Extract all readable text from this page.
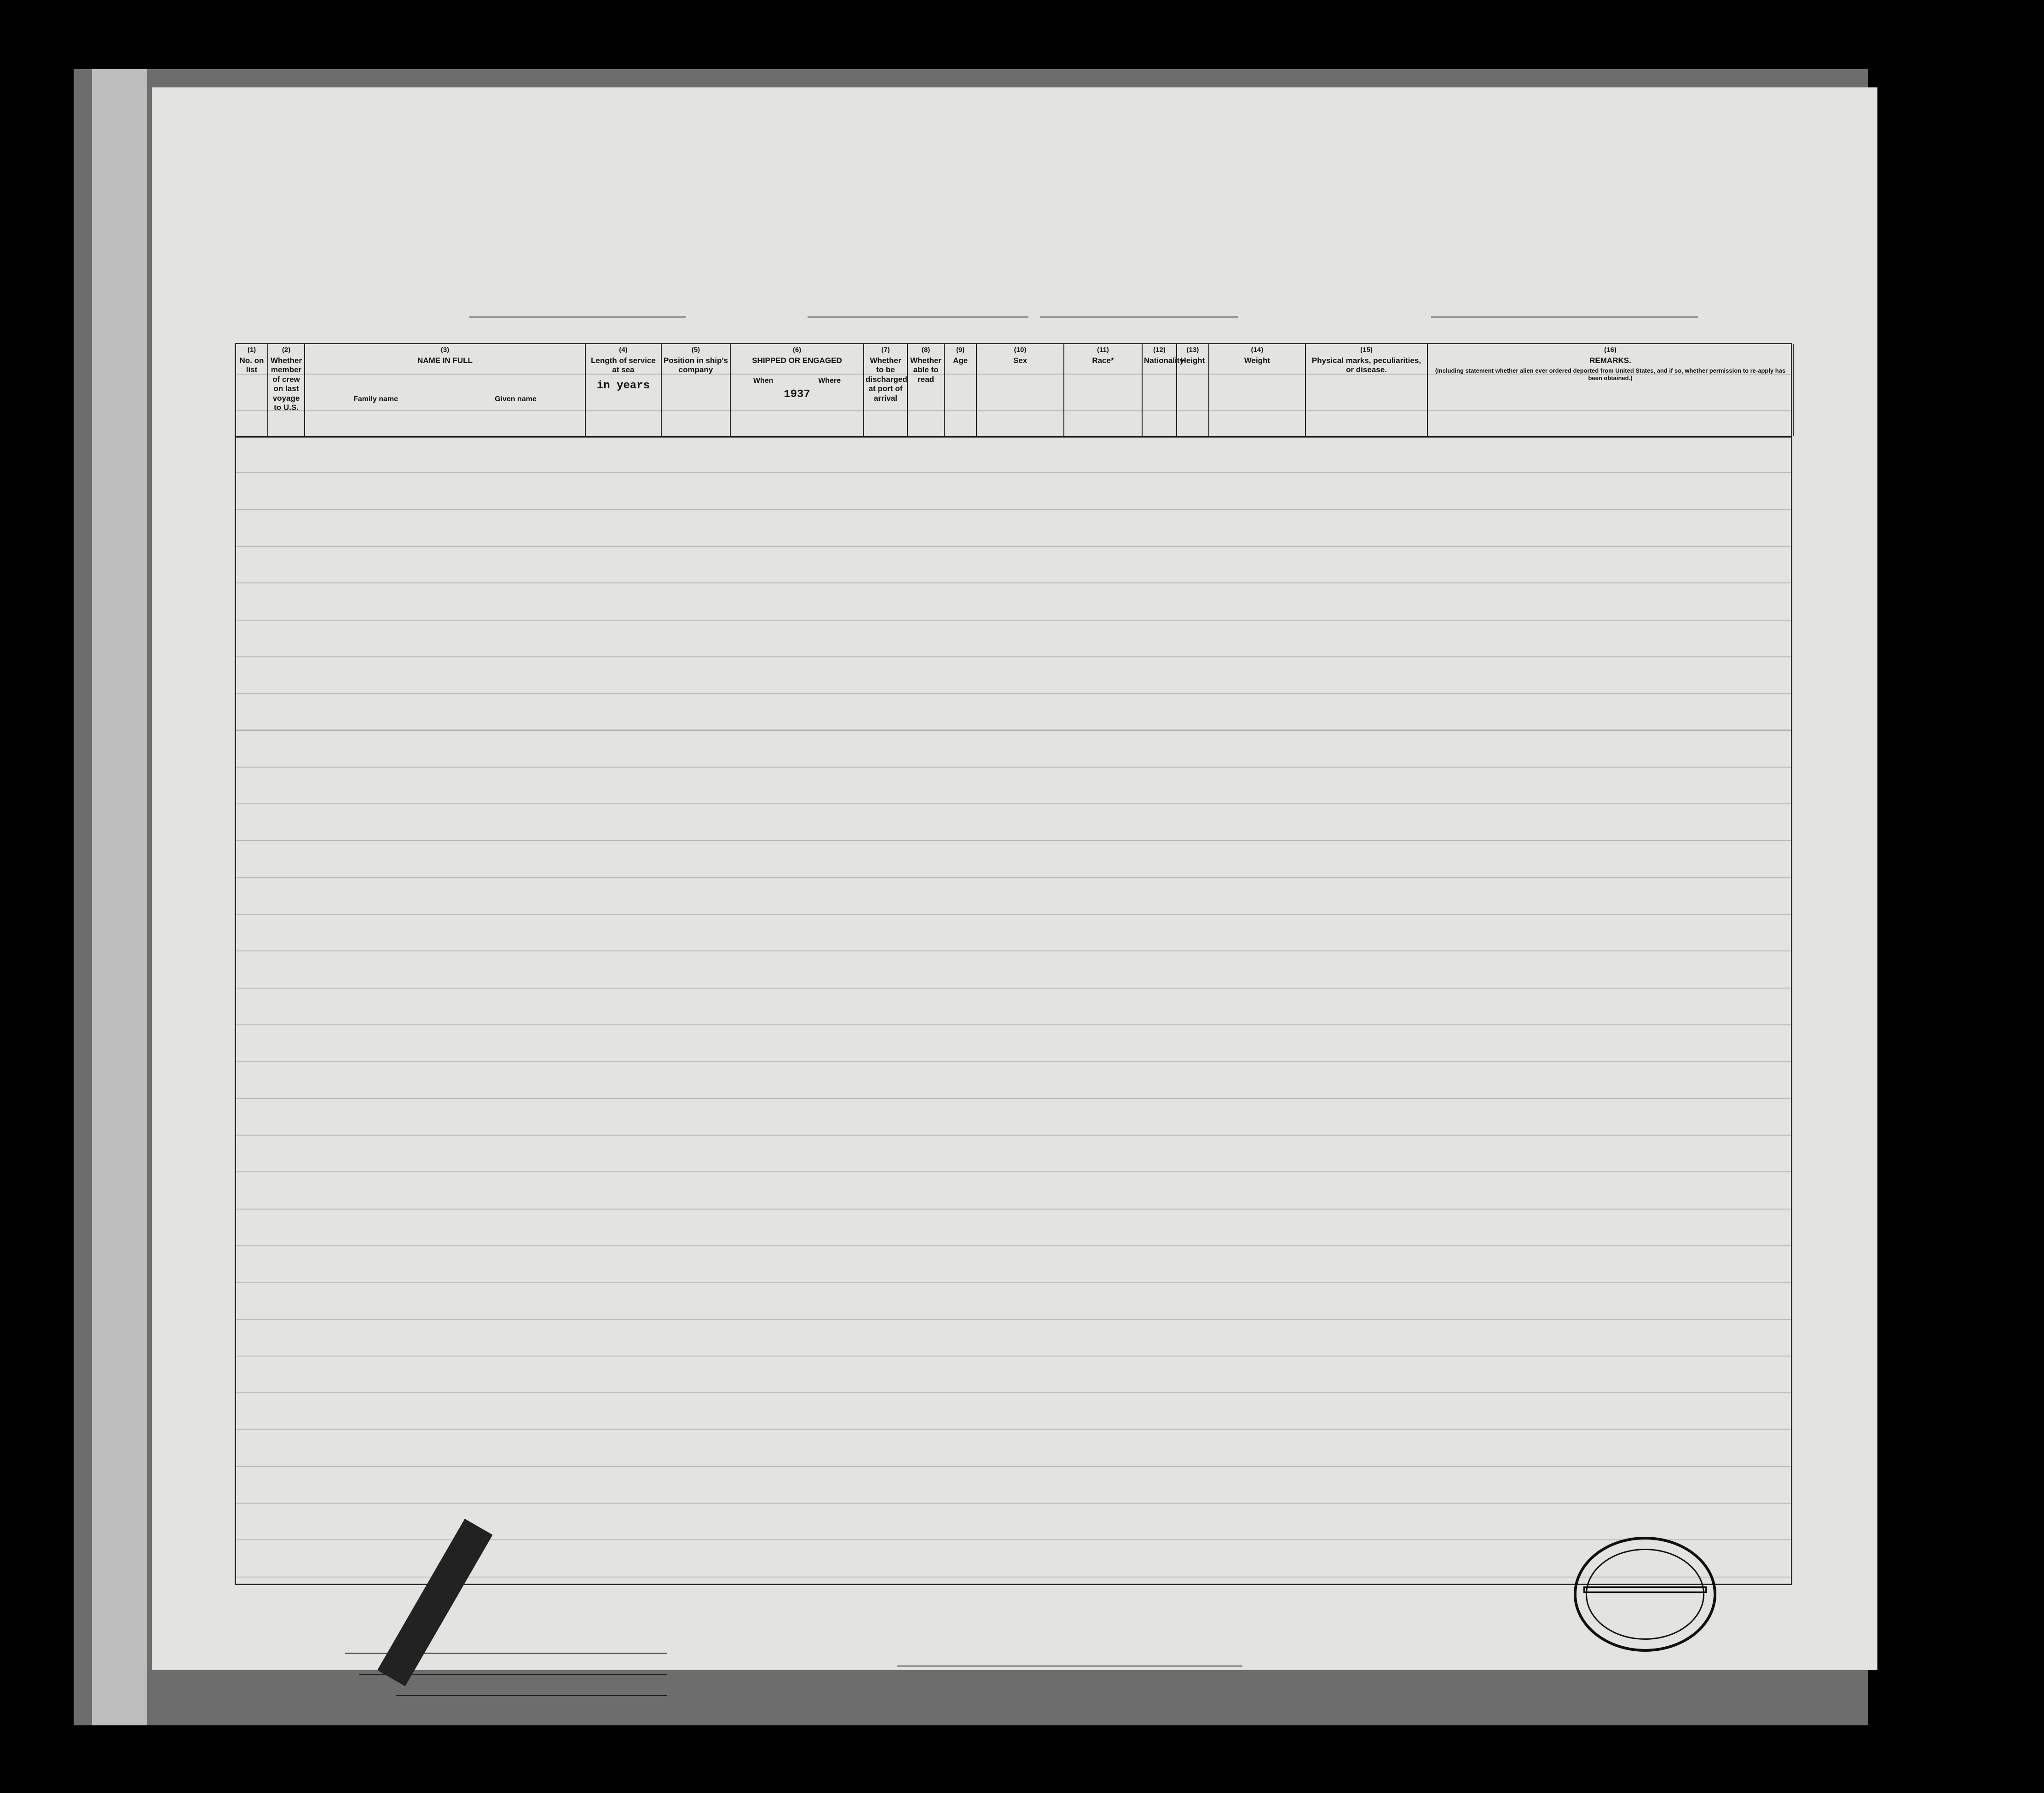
(1)
No. on list
(2)
Whether member of crew on last voyage to U.S.
(3)
NAME IN FULL
Family name	Given name
(4)
Length of service at sea
in years
(5)
Position in ship's company
(6)
SHIPPED OR ENGAGED
When	Where
1937
(7)
Whether to be discharged at port of arrival
(8)
Whether able to read
(9)
Age
(10)
Sex
(11)
Race*
(12)
Nationality
(13)
Height
(14)
Weight
(15)
Physical marks, peculiarities, or disease.
(16)
REMARKS.
(Including statement whether alien ever ordered deported from United States, and if so, whether permission to re-apply has been obtained.)
